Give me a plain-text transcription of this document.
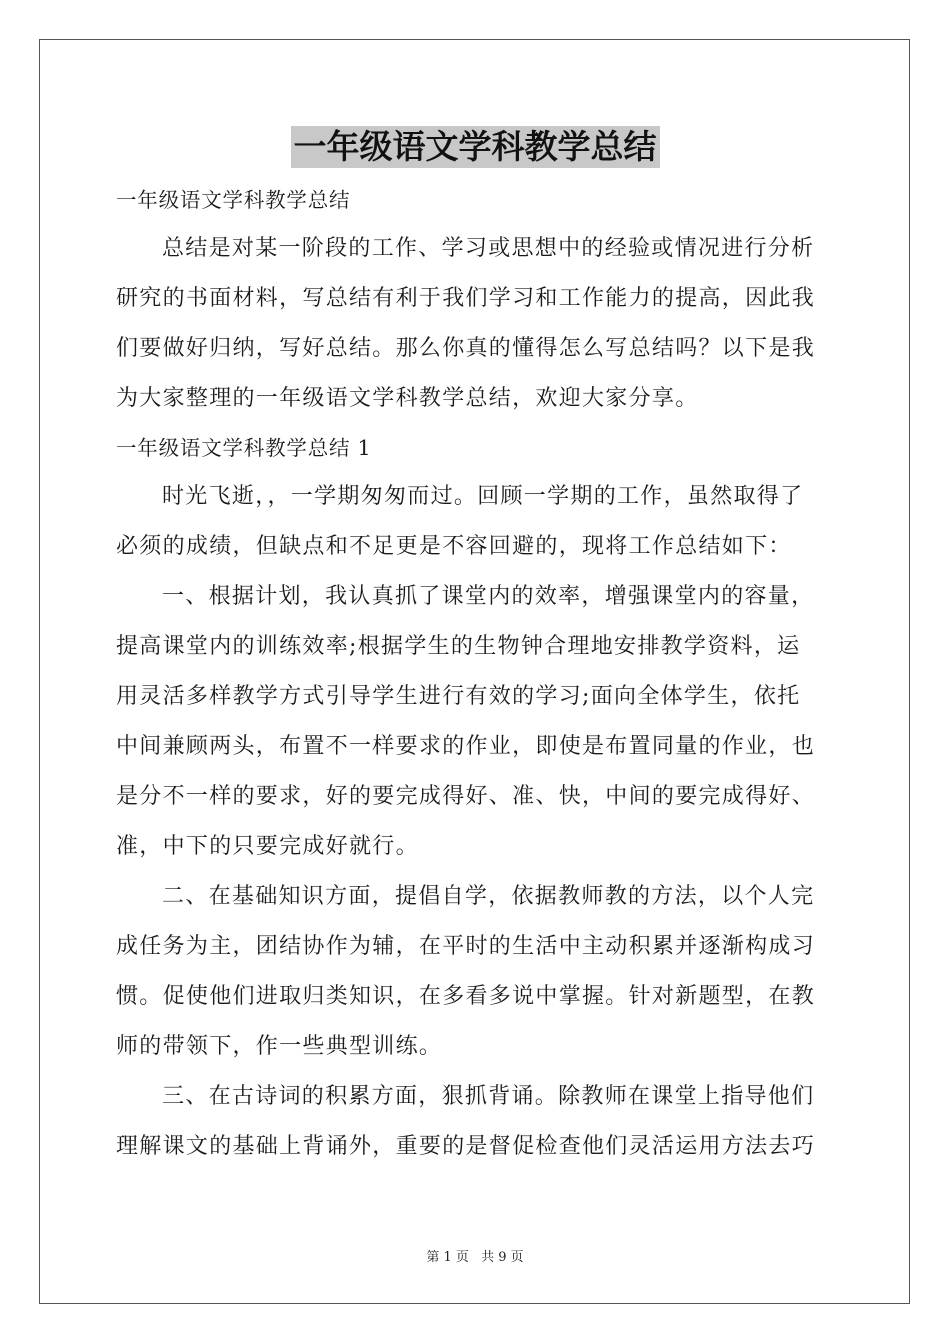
一年级语文学科教学总结
一年级语文学科教学总结
总结是对某一阶段的工作、学习或思想中的经验或情况进行分析
研究的书面材料，写总结有利于我们学习和工作能力的提高，因此我
们要做好归纳，写好总结。那么你真的懂得怎么写总结吗？以下是我
为大家整理的一年级语文学科教学总结，欢迎大家分享。
一年级语文学科教学总结 1
时光飞逝，，一学期匆匆而过。回顾一学期的工作，虽然取得了
必须的成绩，但缺点和不足更是不容回避的，现将工作总结如下：
一、根据计划，我认真抓了课堂内的效率，增强课堂内的容量，
提高课堂内的训练效率;根据学生的生物钟合理地安排教学资料，运
用灵活多样教学方式引导学生进行有效的学习;面向全体学生，依托
中间兼顾两头，布置不一样要求的作业，即使是布置同量的作业，也
是分不一样的要求，好的要完成得好、准、快，中间的要完成得好、
准，中下的只要完成好就行。
二、在基础知识方面，提倡自学，依据教师教的方法，以个人完
成任务为主，团结协作为辅，在平时的生活中主动积累并逐渐构成习
惯。促使他们进取归类知识，在多看多说中掌握。针对新题型，在教
师的带领下，作一些典型训练。
三、在古诗词的积累方面，狠抓背诵。除教师在课堂上指导他们
理解课文的基础上背诵外，重要的是督促检查他们灵活运用方法去巧
第 1 页 共 9 页
